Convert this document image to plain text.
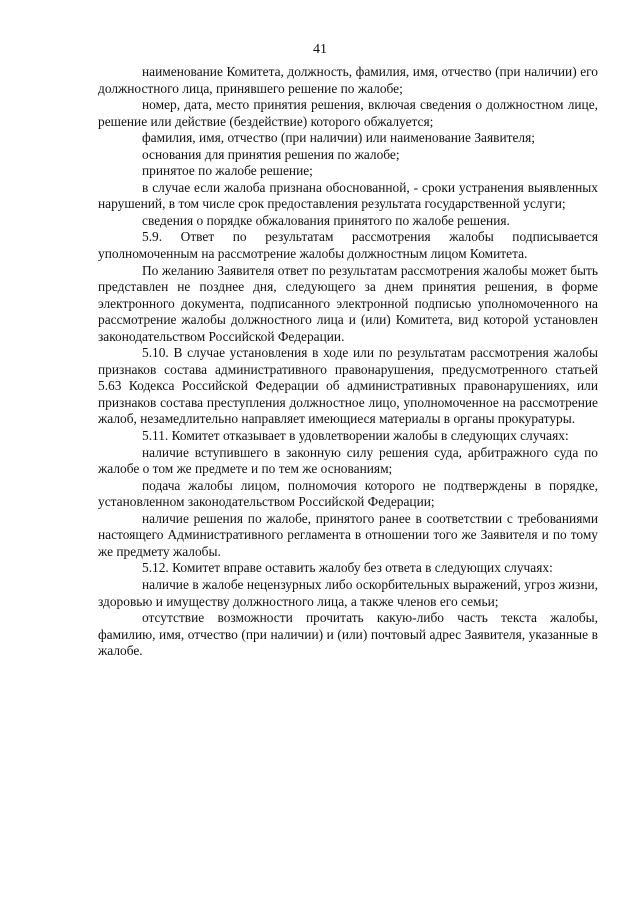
41

наименование Комитета, должность, фамилия, имя, отчество (при наличии) его должностного лица, принявшего решение по жалобе;

номер, дата, место принятия решения, включая сведения о должностном лице, решение или действие (бездействие) которого обжалуется;

фамилия, имя, отчество (при наличии) или наименование Заявителя;

основания для принятия решения по жалобе;

принятое по жалобе решение;

в случае если жалоба признана обоснованной, - сроки устранения выявленных нарушений, в том числе срок предоставления результата государственной услуги;

сведения о порядке обжалования принятого по жалобе решения.

5.9. Ответ по результатам рассмотрения жалобы подписывается уполномоченным на рассмотрение жалобы должностным лицом Комитета.

По желанию Заявителя ответ по результатам рассмотрения жалобы может быть представлен не позднее дня, следующего за днем принятия решения, в форме электронного документа, подписанного электронной подписью уполномоченного на рассмотрение жалобы должностного лица и (или) Комитета, вид которой установлен законодательством Российской Федерации.

5.10. В случае установления в ходе или по результатам рассмотрения жалобы признаков состава административного правонарушения, предусмотренного статьей 5.63 Кодекса Российской Федерации об административных правонарушениях, или признаков состава преступления должностное лицо, уполномоченное на рассмотрение жалоб, незамедлительно направляет имеющиеся материалы в органы прокуратуры.

5.11. Комитет отказывает в удовлетворении жалобы в следующих случаях:

наличие вступившего в законную силу решения суда, арбитражного суда по жалобе о том же предмете и по тем же основаниям;

подача жалобы лицом, полномочия которого не подтверждены в порядке, установленном законодательством Российской Федерации;

наличие решения по жалобе, принятого ранее в соответствии с требованиями настоящего Административного регламента в отношении того же Заявителя и по тому же предмету жалобы.

5.12. Комитет вправе оставить жалобу без ответа в следующих случаях:

наличие в жалобе нецензурных либо оскорбительных выражений, угроз жизни, здоровью и имуществу должностного лица, а также членов его семьи;

отсутствие возможности прочитать какую-либо часть текста жалобы, фамилию, имя, отчество (при наличии) и (или) почтовый адрес Заявителя, указанные в жалобе.
